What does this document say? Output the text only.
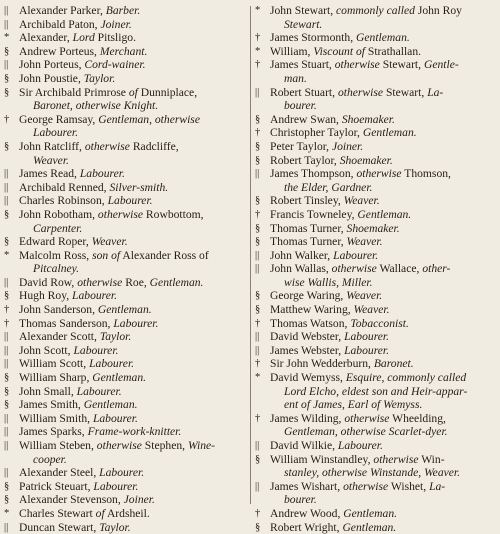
|| Alexander Parker, Barber.
|| Archibald Paton, Joiner.
* Alexander, Lord Pitsligo.
§ Andrew Porteus, Merchant.
|| John Porteus, Cord-wainer.
§ John Poustie, Taylor.
§ Sir Archibald Primrose of Dunniplace,
Baronet, otherwise Knight.
† George Ramsay, Gentleman, otherwise
Labourer.
§ John Ratcliff, otherwise Radcliffe,
Weaver.
|| James Read, Labourer.
|| Archibald Renned, Silver-smith.
|| Charles Robinson, Labourer.
§ John Robotham, otherwise Rowbottom,
Carpenter.
§ Edward Roper, Weaver.
* Malcolm Ross, son of Alexander Ross of
Pitcalney.
|| David Row, otherwise Roe, Gentleman.
§ Hugh Roy, Labourer.
† John Sanderson, Gentleman.
† Thomas Sanderson, Labourer.
|| Alexander Scott, Taylor.
|| John Scott, Labourer.
|| William Scott, Labourer.
§ William Sharp, Gentleman.
§ John Small, Labourer.
§ James Smith, Gentleman.
|| William Smith, Labourer.
|| James Sparks, Frame-work-knitter.
|| William Steben, otherwise Stephen, Wine-
cooper.
|| Alexander Steel, Labourer.
§ Patrick Steuart, Labourer.
§ Alexander Stevenson, Joiner.
* Charles Stewart of Ardsheil.
|| Duncan Stewart, Taylor.
* John Stewart, commonly called John Roy
Stewart.
† James Stormonth, Gentleman.
* William, Viscount of Strathallan.
† James Stuart, otherwise Stewart, Gentle-
man.
|| Robert Stuart, otherwise Stewart, La-
bourer.
§ Andrew Swan, Shoemaker.
† Christopher Taylor, Gentleman.
§ Peter Taylor, Joiner.
§ Robert Taylor, Shoemaker.
|| James Thompson, otherwise Thomson,
the Elder, Gardner.
§ Robert Tinsley, Weaver.
† Francis Towneley, Gentleman.
§ Thomas Turner, Shoemaker.
§ Thomas Turner, Weaver.
|| John Walker, Labourer.
|| John Wallas, otherwise Wallace, other-
wise Wallis, Miller.
§ George Waring, Weaver.
§ Matthew Waring, Weaver.
† Thomas Watson, Tobacconist.
|| David Webster, Labourer.
|| James Webster, Labourer.
† Sir John Wedderburn, Baronet.
* David Wemyss, Esquire, commonly called
Lord Elcho, eldest son and Heir-appar-
ent of James, Earl of Wemyss.
† James Wilding, otherwise Wheelding,
Gentleman, otherwise Scarlet-dyer.
|| David Wilkie, Labourer.
§ William Winstandley, otherwise Win-
stanley, otherwise Winstande, Weaver.
|| James Wishart, otherwise Wishet, La-
bourer.
† Andrew Wood, Gentleman.
§ Robert Wright, Gentleman.
